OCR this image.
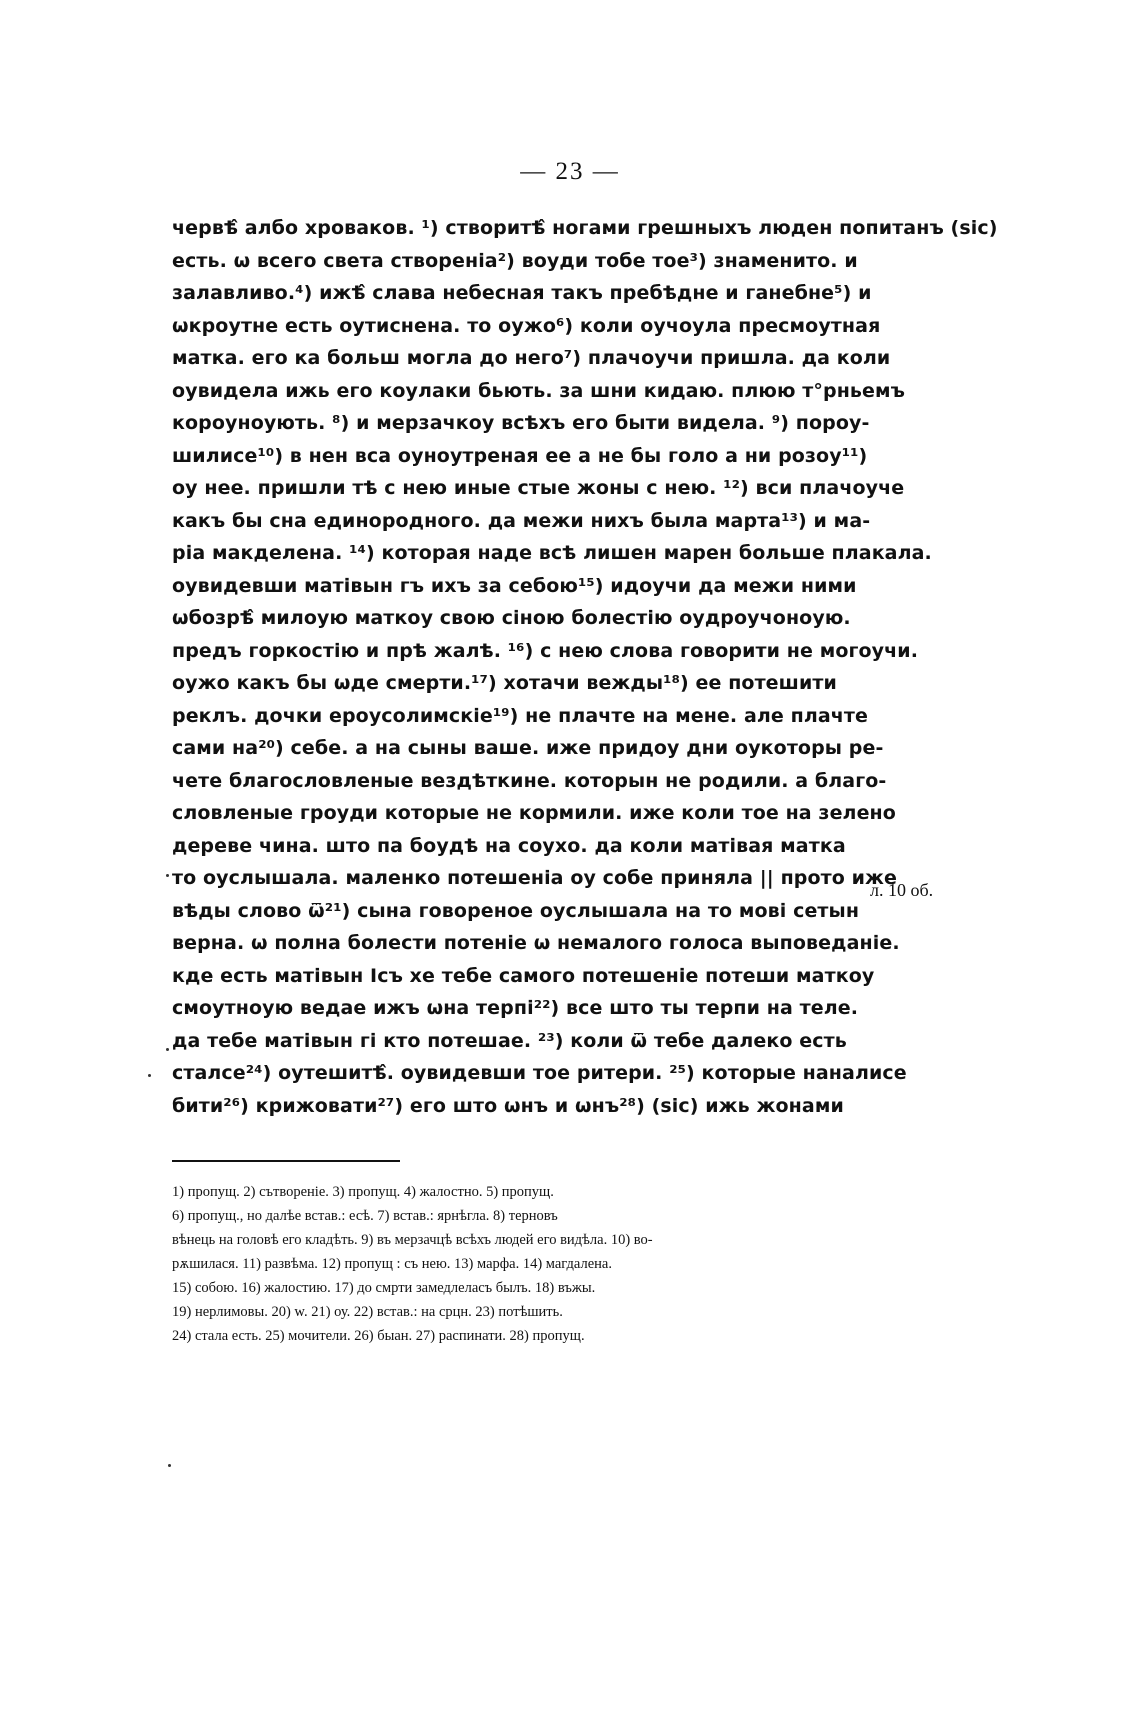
— 23 —
червѣ̂ албо хроваков. ¹) створитѣ̂ ногами грешныхъ люден попитанъ (sic)
есть. ѡ всего света створеніа²) воуди тобе тое³) знаменито. и
залавливо.⁴) ижѣ̂ слава небесная такъ пребѣдне и ганебне⁵) и
ѡкроутне есть оутиснена. то оужо⁶) коли оучоула пресмоутная
матка. его ка больш могла до него⁷) плачоучи пришла. да коли
оувидела ижь его коулаки бьють. за шни кидаю. плюю т°рньемъ
короуноують. ⁸) и мерзачкоу всѣхъ его быти видела. ⁹) пороу-
шилисе¹⁰) в нен вса оуноутреная ее а не бы голо а ни розоу¹¹)
оу нее. пришли тѣ с нею иные стые жоны с нею. ¹²) вси плачоуче
какъ бы сна единородного. да межи нихъ была марта¹³) и ма-
ріа макделена. ¹⁴) которая наде всѣ лишен марен больше плакала.
оувидевши матівын гъ ихъ за себою¹⁵) идоучи да межи ними
ѡбозрѣ̂ милоую маткоу свою сіною болестію оудроучоноую.
предъ горкостію и прѣ жалѣ. ¹⁶) с нею слова говорити не могоучи.
оужо какъ бы ѡде смерти.¹⁷) хотачи вежды¹⁸) ее потешити
реклъ. дочки ероусолимскіе¹⁹) не плачте на мене. але плачте
сами на²⁰) себе. а на сыны ваше. иже придоу дни оукоторы ре-
чете благословленые вездѣткине. которын не родили. а благо-
словленые гроуди которые не кормили. иже коли тое на зелено
дереве чина. што па боудѣ на соухо. да коли матівая матка
то оуслышала. маленко потешеніа оу собе приняла || прото иже
вѣды слово ѿ²¹) сына говореное оуслышала на то мові сетын
верна. ѡ полна болести потеніе ѡ немалого голоса выповеданіе.
кде есть матівын Ісъ хе тебе самого потешеніе потеши маткоу
смоутноую ведае ижъ ѡна терпі²²) все што ты терпи на теле.
да тебе матівын гі кто потешае. ²³) коли ѿ тебе далеко есть
сталсе²⁴) оутешитѣ̂. оувидевши тое ритери. ²⁵) которые наналисе
бити²⁶) крижовати²⁷) его што ѡнъ и ѡнъ²⁸) (sic) ижь жонами
л. 10 об.
1) пропущ. 2) сътвореніе. 3) пропущ. 4) жалостно. 5) пропущ.
6) пропущ., но далѣе встав.: есѣ. 7) встав.: ярнѣгла. 8) терновъ
вѣнець на головѣ его кладѣть. 9) въ мерзачцѣ всѣхъ людей его видѣла. 10) во-
рѫшилася. 11) развѣма. 12) пропущ : съ нею. 13) марфа. 14) магдалена.
15) собою. 16) жалостию. 17) до смрти замедлеласъ былъ. 18) въжы.
19) нерлимовы. 20) w. 21) оу. 22) встав.: на срцн. 23) потѣшить.
24) стала есть. 25) мочители. 26) быан. 27) распинати. 28) пропущ.
